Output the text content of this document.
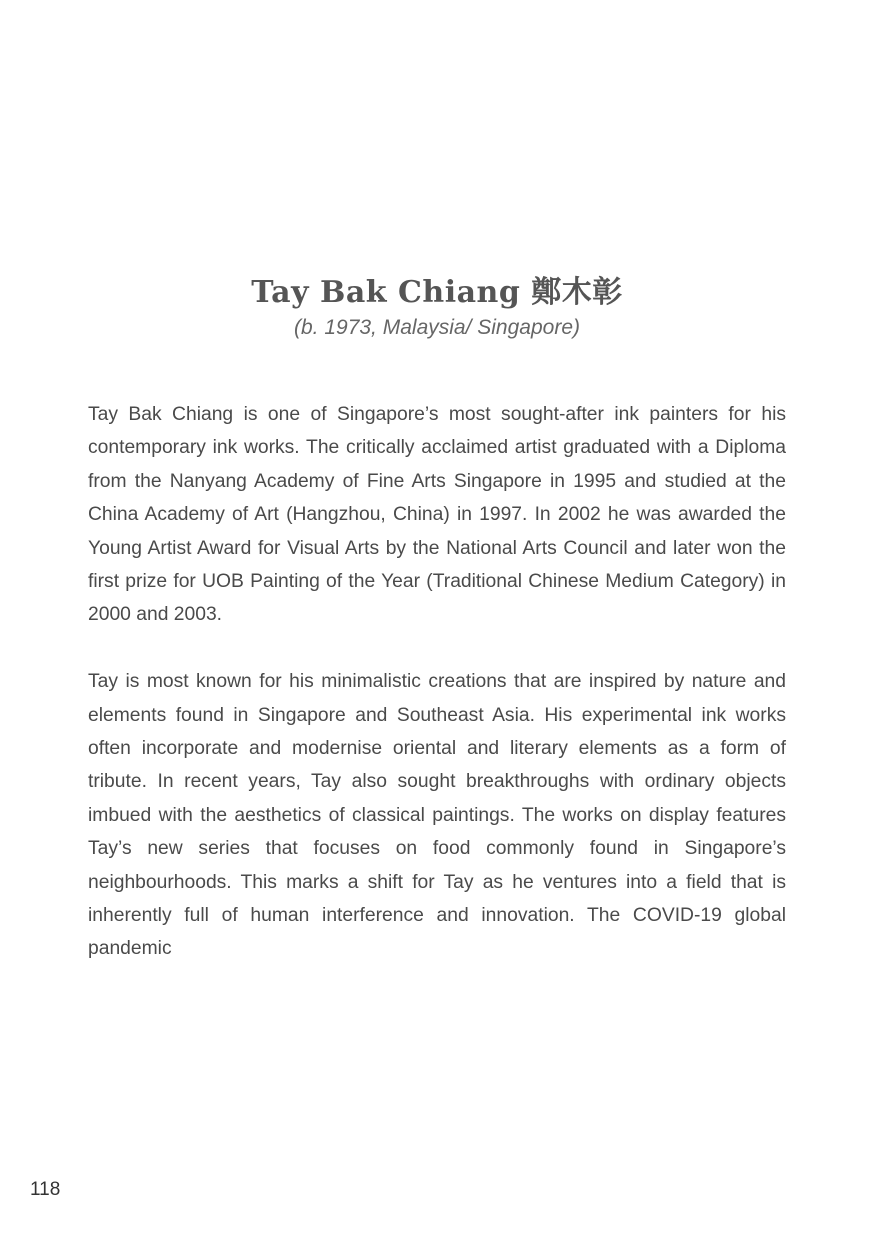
Tay Bak Chiang 鄭木彰

(b. 1973, Malaysia/ Singapore)

Tay Bak Chiang is one of Singapore’s most sought-after ink painters for his contemporary ink works. The critically acclaimed artist graduated with a Diploma from the Nanyang Academy of Fine Arts Singapore in 1995 and studied at the China Academy of Art (Hangzhou, China) in 1997. In 2002 he was awarded the Young Artist Award for Visual Arts by the National Arts Council and later won the first prize for UOB Painting of the Year (Traditional Chinese Medium Category) in 2000 and 2003.

Tay is most known for his minimalistic creations that are inspired by nature and elements found in Singapore and Southeast Asia. His experimental ink works often incorporate and modernise oriental and literary elements as a form of tribute. In recent years, Tay also sought breakthroughs with ordinary objects imbued with the aesthetics of classical paintings. The works on display features Tay’s new series that focuses on food commonly found in Singapore’s neighbourhoods. This marks a shift for Tay as he ventures into a field that is inherently full of human interference and innovation. The COVID-19 global pandemic

118
